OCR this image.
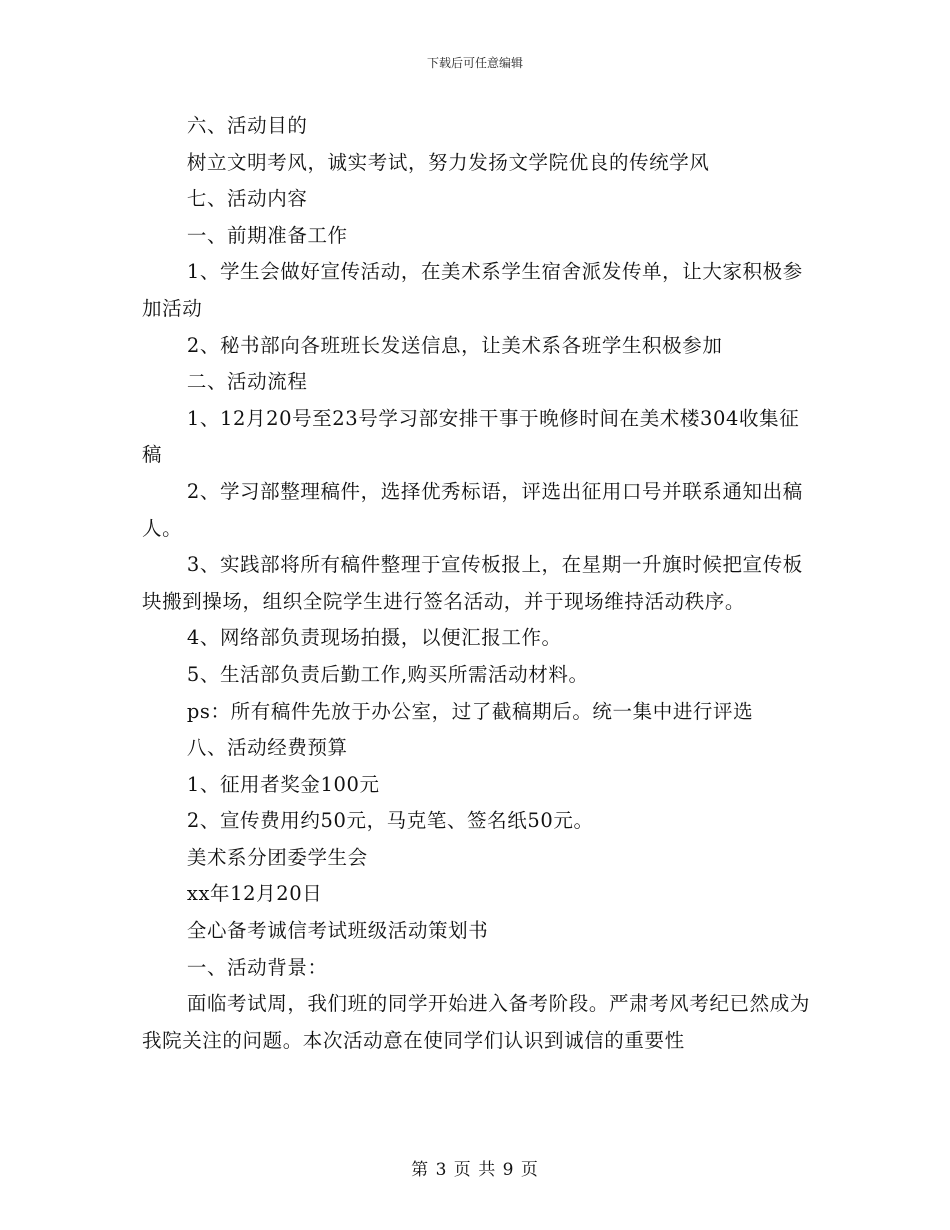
下载后可任意编辑

六、活动目的

树立文明考风，诚实考试，努力发扬文学院优良的传统学风

七、活动内容

一、前期准备工作

1、学生会做好宣传活动，在美术系学生宿舍派发传单，让大家积极参加活动

2、秘书部向各班班长发送信息，让美术系各班学生积极参加

二、活动流程

1、12月20号至23号学习部安排干事于晚修时间在美术楼304收集征稿

2、学习部整理稿件，选择优秀标语，评选出征用口号并联系通知出稿人。

3、实践部将所有稿件整理于宣传板报上，在星期一升旗时候把宣传板块搬到操场，组织全院学生进行签名活动，并于现场维持活动秩序。

4、网络部负责现场拍摄，以便汇报工作。

5、生活部负责后勤工作,购买所需活动材料。

ps：所有稿件先放于办公室，过了截稿期后。统一集中进行评选

八、活动经费预算

1、征用者奖金100元

2、宣传费用约50元，马克笔、签名纸50元。

美术系分团委学生会

xx年12月20日

全心备考诚信考试班级活动策划书

一、活动背景：

面临考试周，我们班的同学开始进入备考阶段。严肃考风考纪已然成为我院关注的问题。本次活动意在使同学们认识到诚信的重要性

第 3 页 共 9 页
